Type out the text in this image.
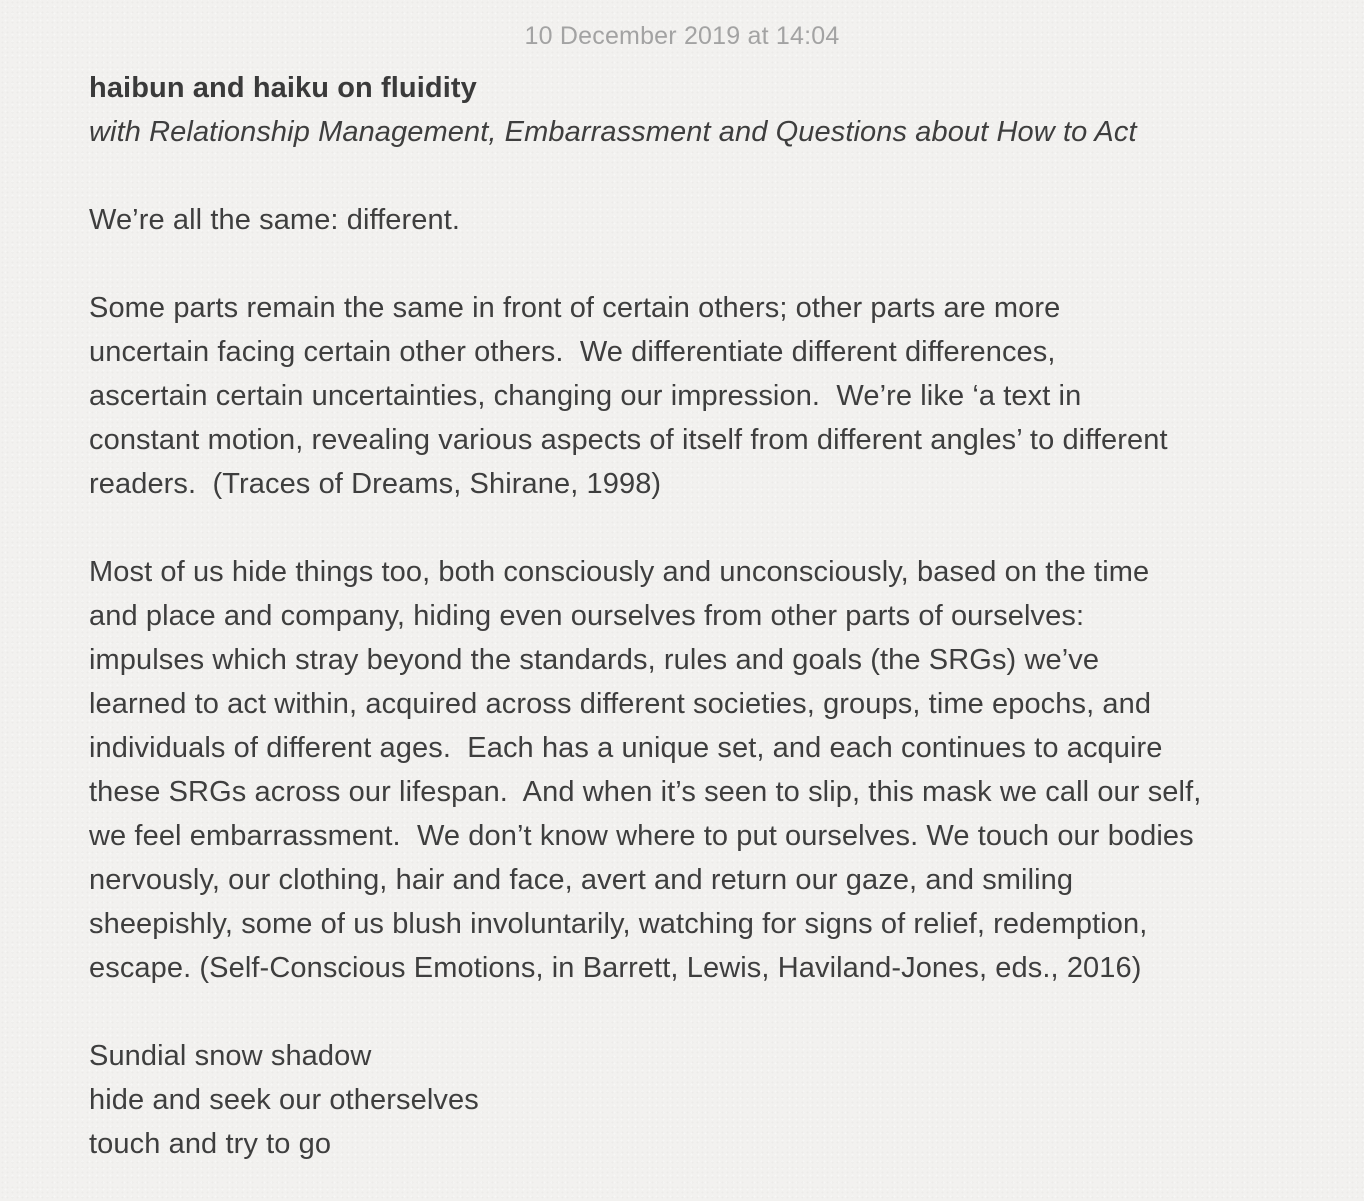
10 December 2019 at 14:04
haibun and haiku on fluidity
with Relationship Management, Embarrassment and Questions about How to Act
We’re all the same: different.
Some parts remain the same in front of certain others; other parts are more
uncertain facing certain other others.  We differentiate different differences,
ascertain certain uncertainties, changing our impression.  We’re like ‘a text in
constant motion, revealing various aspects of itself from different angles’ to different
readers.  (Traces of Dreams, Shirane, 1998)
Most of us hide things too, both consciously and unconsciously, based on the time
and place and company, hiding even ourselves from other parts of ourselves:
impulses which stray beyond the standards, rules and goals (the SRGs) we’ve
learned to act within, acquired across different societies, groups, time epochs, and
individuals of different ages.  Each has a unique set, and each continues to acquire
these SRGs across our lifespan.  And when it’s seen to slip, this mask we call our self,
we feel embarrassment.  We don’t know where to put ourselves. We touch our bodies
nervously, our clothing, hair and face, avert and return our gaze, and smiling
sheepishly, some of us blush involuntarily, watching for signs of relief, redemption,
escape. (Self-Conscious Emotions, in Barrett, Lewis, Haviland-Jones, eds., 2016)
Sundial snow shadow
hide and seek our otherselves
touch and try to go
